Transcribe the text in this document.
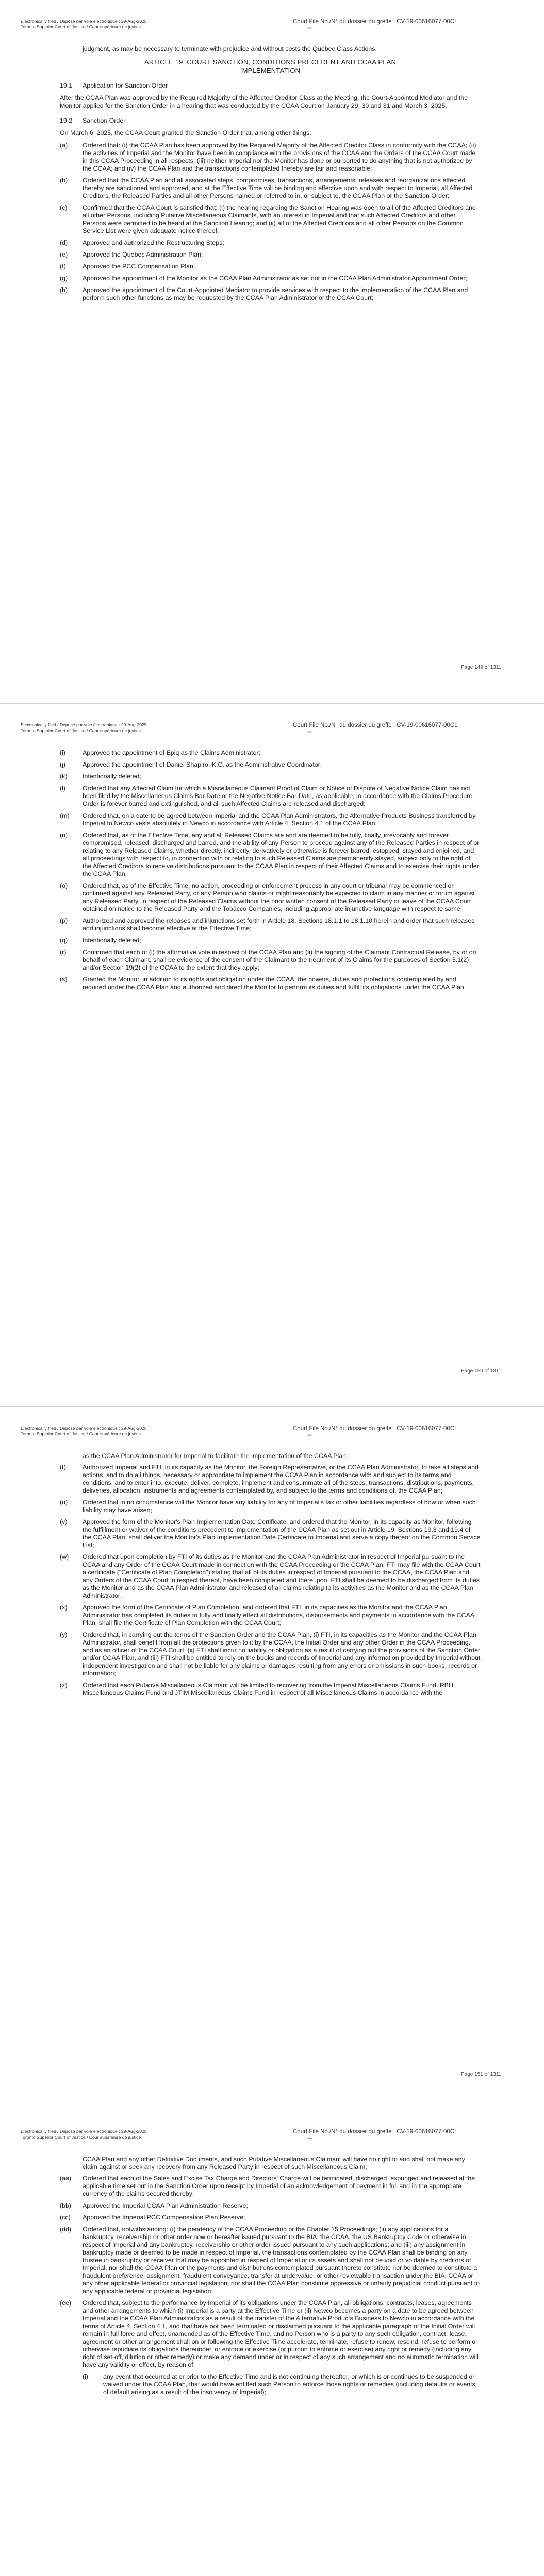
Electronically filed / Déposé par voie électronique : 29-Aug-2025
Toronto Superior Court of Justice / Cour supérieure de justice
Court File No./N° du dossier du greffe : CV-19-00616077-00CL
***
judgment, as may be necessary to terminate with prejudice and without costs the Quebec Class Actions.
ARTICLE 19. COURT SANCTION, CONDITIONS PRECEDENT AND CCAA PLAN
IMPLEMENTATION
19.1	Application for Sanction Order
After the CCAA Plan was approved by the Required Majority of the Affected Creditor Class at the Meeting, the Court-Appointed Mediator and the Monitor applied for the Sanction Order in a hearing that was conducted by the CCAA Court on January 29, 30 and 31 and March 3, 2025.
19.2	Sanction Order
On March 6, 2025, the CCAA Court granted the Sanction Order that, among other things:
(a)	Ordered that: (i) the CCAA Plan has been approved by the Required Majority of the Affected Creditor Class in conformity with the CCAA; (ii) the activities of Imperial and the Monitor have been in compliance with the provisions of the CCAA and the Orders of the CCAA Court made in this CCAA Proceeding in all respects; (iii) neither Imperial nor the Monitor has done or purported to do anything that is not authorized by the CCAA; and (iv) the CCAA Plan and the transactions contemplated thereby are fair and reasonable;
(b)	Ordered that the CCAA Plan and all associated steps, compromises, transactions, arrangements, releases and reorganizations effected thereby are sanctioned and approved, and at the Effective Time will be binding and effective upon and with respect to Imperial, all Affected Creditors, the Released Parties and all other Persons named or referred to in, or subject to, the CCAA Plan or the Sanction Order;
(c)	Confirmed that the CCAA Court is satisfied that: (i) the hearing regarding the Sanction Hearing was open to all of the Affected Creditors and all other Persons, including Putative Miscellaneous Claimants, with an interest in Imperial and that such Affected Creditors and other Persons were permitted to be heard at the Sanction Hearing; and (ii) all of the Affected Creditors and all other Persons on the Common Service List were given adequate notice thereof;
(d)	Approved and authorized the Restructuring Steps;
(e)	Approved the Quebec Administration Plan;
(f)	Approved the PCC Compensation Plan;
(g)	Approved the appointment of the Monitor as the CCAA Plan Administrator as set out in the CCAA Plan Administrator Appointment Order;
(h)	Approved the appointment of the Court-Appointed Mediator to provide services with respect to the implementation of the CCAA Plan and perform such other functions as may be requested by the CCAA Plan Administrator or the CCAA Court;
Page 149 of 1311
Electronically filed / Déposé par voie électronique : 29-Aug-2025
Toronto Superior Court of Justice / Cour supérieure de justice
Court File No./N° du dossier du greffe : CV-19-00616077-00CL
***
(i)	Approved the appointment of Epiq as the Claims Administrator;
(j)	Approved the appointment of Daniel Shapiro, K.C. as the Administrative Coordinator;
(k)	Intentionally deleted;
(l)	Ordered that any Affected Claim for which a Miscellaneous Claimant Proof of Claim or Notice of Dispute of Negative Notice Claim has not been filed by the Miscellaneous Claims Bar Date or the Negative Notice Bar Date, as applicable, in accordance with the Claims Procedure Order is forever barred and extinguished, and all such Affected Claims are released and discharged;
(m)	Ordered that, on a date to be agreed between Imperial and the CCAA Plan Administrators, the Alternative Products Business transferred by Imperial to Newco vests absolutely in Newco in accordance with Article 4, Section 4.1 of the CCAA Plan;
(n)	Ordered that, as of the Effective Time, any and all Released Claims are and are deemed to be fully, finally, irrevocably and forever compromised, released, discharged and barred, and the ability of any Person to proceed against any of the Released Parties in respect of or relating to any Released Claims, whether directly, indirectly, derivatively or otherwise is forever barred, estopped, stayed and enjoined, and all proceedings with respect to, in connection with or relating to such Released Claims are permanently stayed, subject only to the right of the Affected Creditors to receive distributions pursuant to the CCAA Plan in respect of their Affected Claims and to exercise their rights under the CCAA Plan;
(o)	Ordered that, as of the Effective Time, no action, proceeding or enforcement process in any court or tribunal may be commenced or continued against any Released Party, or any Person who claims or might reasonably be expected to claim in any manner or forum against any Released Party, in respect of the Released Claims without the prior written consent of the Released Party or leave of the CCAA Court obtained on notice to the Released Party and the Tobacco Companies, including appropriate injunctive language with respect to same;
(p)	Authorized and approved the releases and injunctions set forth in Article 18, Sections 18.1.1 to 18.1.10 herein and order that such releases and injunctions shall become effective at the Effective Time;
(q)	Intentionally deleted;
(r)	Confirmed that each of (i) the affirmative vote in respect of the CCAA Plan and (ii) the signing of the Claimant Contractual Release, by or on behalf of each Claimant, shall be evidence of the consent of the Claimant to the treatment of its Claims for the purposes of Section 5.1(2) and/or Section 19(2) of the CCAA to the extent that they apply;
(s)	Granted the Monitor, in addition to its rights and obligation under the CCAA, the powers, duties and protections contemplated by and required under the CCAA Plan and authorized and direct the Monitor to perform its duties and fulfill its obligations under the CCAA Plan
Page 150 of 1311
Electronically filed / Déposé par voie électronique : 29-Aug-2025
Toronto Superior Court of Justice / Cour supérieure de justice
Court File No./N° du dossier du greffe : CV-19-00616077-00CL
***
as the CCAA Plan Administrator for Imperial to facilitate the implementation of the CCAA Plan;
(t)	Authorized Imperial and FTI, in its capacity as the Monitor, the Foreign Representative, or the CCAA Plan Administrator, to take all steps and actions, and to do all things, necessary or appropriate to implement the CCAA Plan in accordance with and subject to its terms and conditions, and to enter into, execute, deliver, complete, implement and consummate all of the steps, transactions, distributions, payments, deliveries, allocation, instruments and agreements contemplated by, and subject to the terms and conditions of, the CCAA Plan;
(u)	Ordered that in no circumstance will the Monitor have any liability for any of Imperial's tax or other liabilities regardless of how or when such liability may have arisen;
(v)	Approved the form of the Monitor's Plan Implementation Date Certificate, and ordered that the Monitor, in its capacity as Monitor, following the fulfillment or waiver of the conditions precedent to implementation of the CCAA Plan as set out in Article 19, Sections 19.3 and 19.4 of the CCAA Plan, shall deliver the Monitor's Plan Implementation Date Certificate to Imperial and serve a copy thereof on the Common Service List;
(w)	Ordered that upon completion by FTI of its duties as the Monitor and the CCAA Plan Administrator in respect of Imperial pursuant to the CCAA and any Order of the CCAA Court made in connection with the CCAA Proceeding or the CCAA Plan, FTI may file with the CCAA Court a certificate ("Certificate of Plan Completion") stating that all of its duties in respect of Imperial pursuant to the CCAA, the CCAA Plan and any Orders of the CCAA Court in respect thereof, have been completed and thereupon, FTI shall be deemed to be discharged from its duties as the Monitor and as the CCAA Plan Administrator and released of all claims relating to its activities as the Monitor and as the CCAA Plan Administrator;
(x)	Approved the form of the Certificate of Plan Completion, and ordered that FTI, in its capacities as the Monitor and the CCAA Plan Administrator has completed its duties to fully and finally effect all distributions, disbursements and payments in accordance with the CCAA Plan, shall file the Certificate of Plan Completion with the CCAA Court;
(y)	Ordered that, in carrying out the terms of the Sanction Order and the CCAA Plan, (i) FTI, in its capacities as the Monitor and the CCAA Plan Administrator, shall benefit from all the protections given to it by the CCAA, the Initial Order and any other Order in the CCAA Proceeding, and as an officer of the CCAA Court, (ii) FTI shall incur no liability or obligation as a result of carrying out the provisions of the Sanction Order and/or CCAA Plan, and (iii) FTI shall be entitled to rely on the books and records of Imperial and any information provided by Imperial without independent investigation and shall not be liable for any claims or damages resulting from any errors or omissions in such books, records or information;
(z)	Ordered that each Putative Miscellaneous Claimant will be limited to recovering from the Imperial Miscellaneous Claims Fund, RBH Miscellaneous Claims Fund and JTIM Miscellaneous Claims Fund in respect of all Miscellaneous Claims in accordance with the
Page 151 of 1311
Electronically filed / Déposé par voie électronique : 29-Aug-2025
Toronto Superior Court of Justice / Cour supérieure de justice
Court File No./N° du dossier du greffe : CV-19-00616077-00CL
***
CCAA Plan and any other Definitive Documents, and such Putative Miscellaneous Claimant will have no right to and shall not make any claim against or seek any recovery from any Released Party in respect of such Miscellaneous Claim;
(aa)	Ordered that each of the Sales and Excise Tax Charge and Directors' Charge will be terminated, discharged, expunged and released at the applicable time set out in the Sanction Order upon receipt by Imperial of an acknowledgement of payment in full and in the appropriate currency of the claims secured thereby;
(bb)	Approved the Imperial CCAA Plan Administration Reserve;
(cc)	Approved the Imperial PCC Compensation Plan Reserve;
(dd)	Ordered that, notwithstanding: (i) the pendency of the CCAA Proceeding or the Chapter 15 Proceedings; (ii) any applications for a bankruptcy, receivership or other order now or hereafter issued pursuant to the BIA, the CCAA, the US Bankruptcy Code or otherwise in respect of Imperial and any bankruptcy, receivership or other order issued pursuant to any such applications; and (iii) any assignment in bankruptcy made or deemed to be made in respect of Imperial, the transactions contemplated by the CCAA Plan shall be binding on any trustee in bankruptcy or receiver that may be appointed in respect of Imperial or its assets and shall not be void or voidable by creditors of Imperial, nor shall the CCAA Plan or the payments and distributions contemplated pursuant thereto constitute nor be deemed to constitute a fraudulent preference, assignment, fraudulent conveyance, transfer at undervalue, or other reviewable transaction under the BIA, CCAA or any other applicable federal or provincial legislation, nor shall the CCAA Plan constitute oppressive or unfairly prejudicial conduct pursuant to any applicable federal or provincial legislation;
(ee)	Ordered that, subject to the performance by Imperial of its obligations under the CCAA Plan, all obligations, contracts, leases, agreements and other arrangements to which (i) Imperial is a party at the Effective Time or (ii) Newco becomes a party on a date to be agreed between Imperial and the CCAA Plan Administrators as a result of the transfer of the Alternative Products Business to Newco in accordance with the terms of Article 4, Section 4.1, and that have not been terminated or disclaimed pursuant to the applicable paragraph of the Initial Order will remain in full force and effect, unamended as of the Effective Time, and no Person who is a party to any such obligation, contract, lease, agreement or other arrangement shall on or following the Effective Time accelerate, terminate, refuse to renew, rescind, refuse to perform or otherwise repudiate its obligations thereunder, or enforce or exercise (or purport to enforce or exercise) any right or remedy (including any right of set-off, dilution or other remedy) or make any demand under or in respect of any such arrangement and no automatic termination will have any validity or effect, by reason of:
(i)	any event that occurred at or prior to the Effective Time and is not continuing thereafter, or which is or continues to be suspended or waived under the CCAA Plan, that would have entitled such Person to enforce those rights or remedies (including defaults or events of default arising as a result of the insolvency of Imperial);
